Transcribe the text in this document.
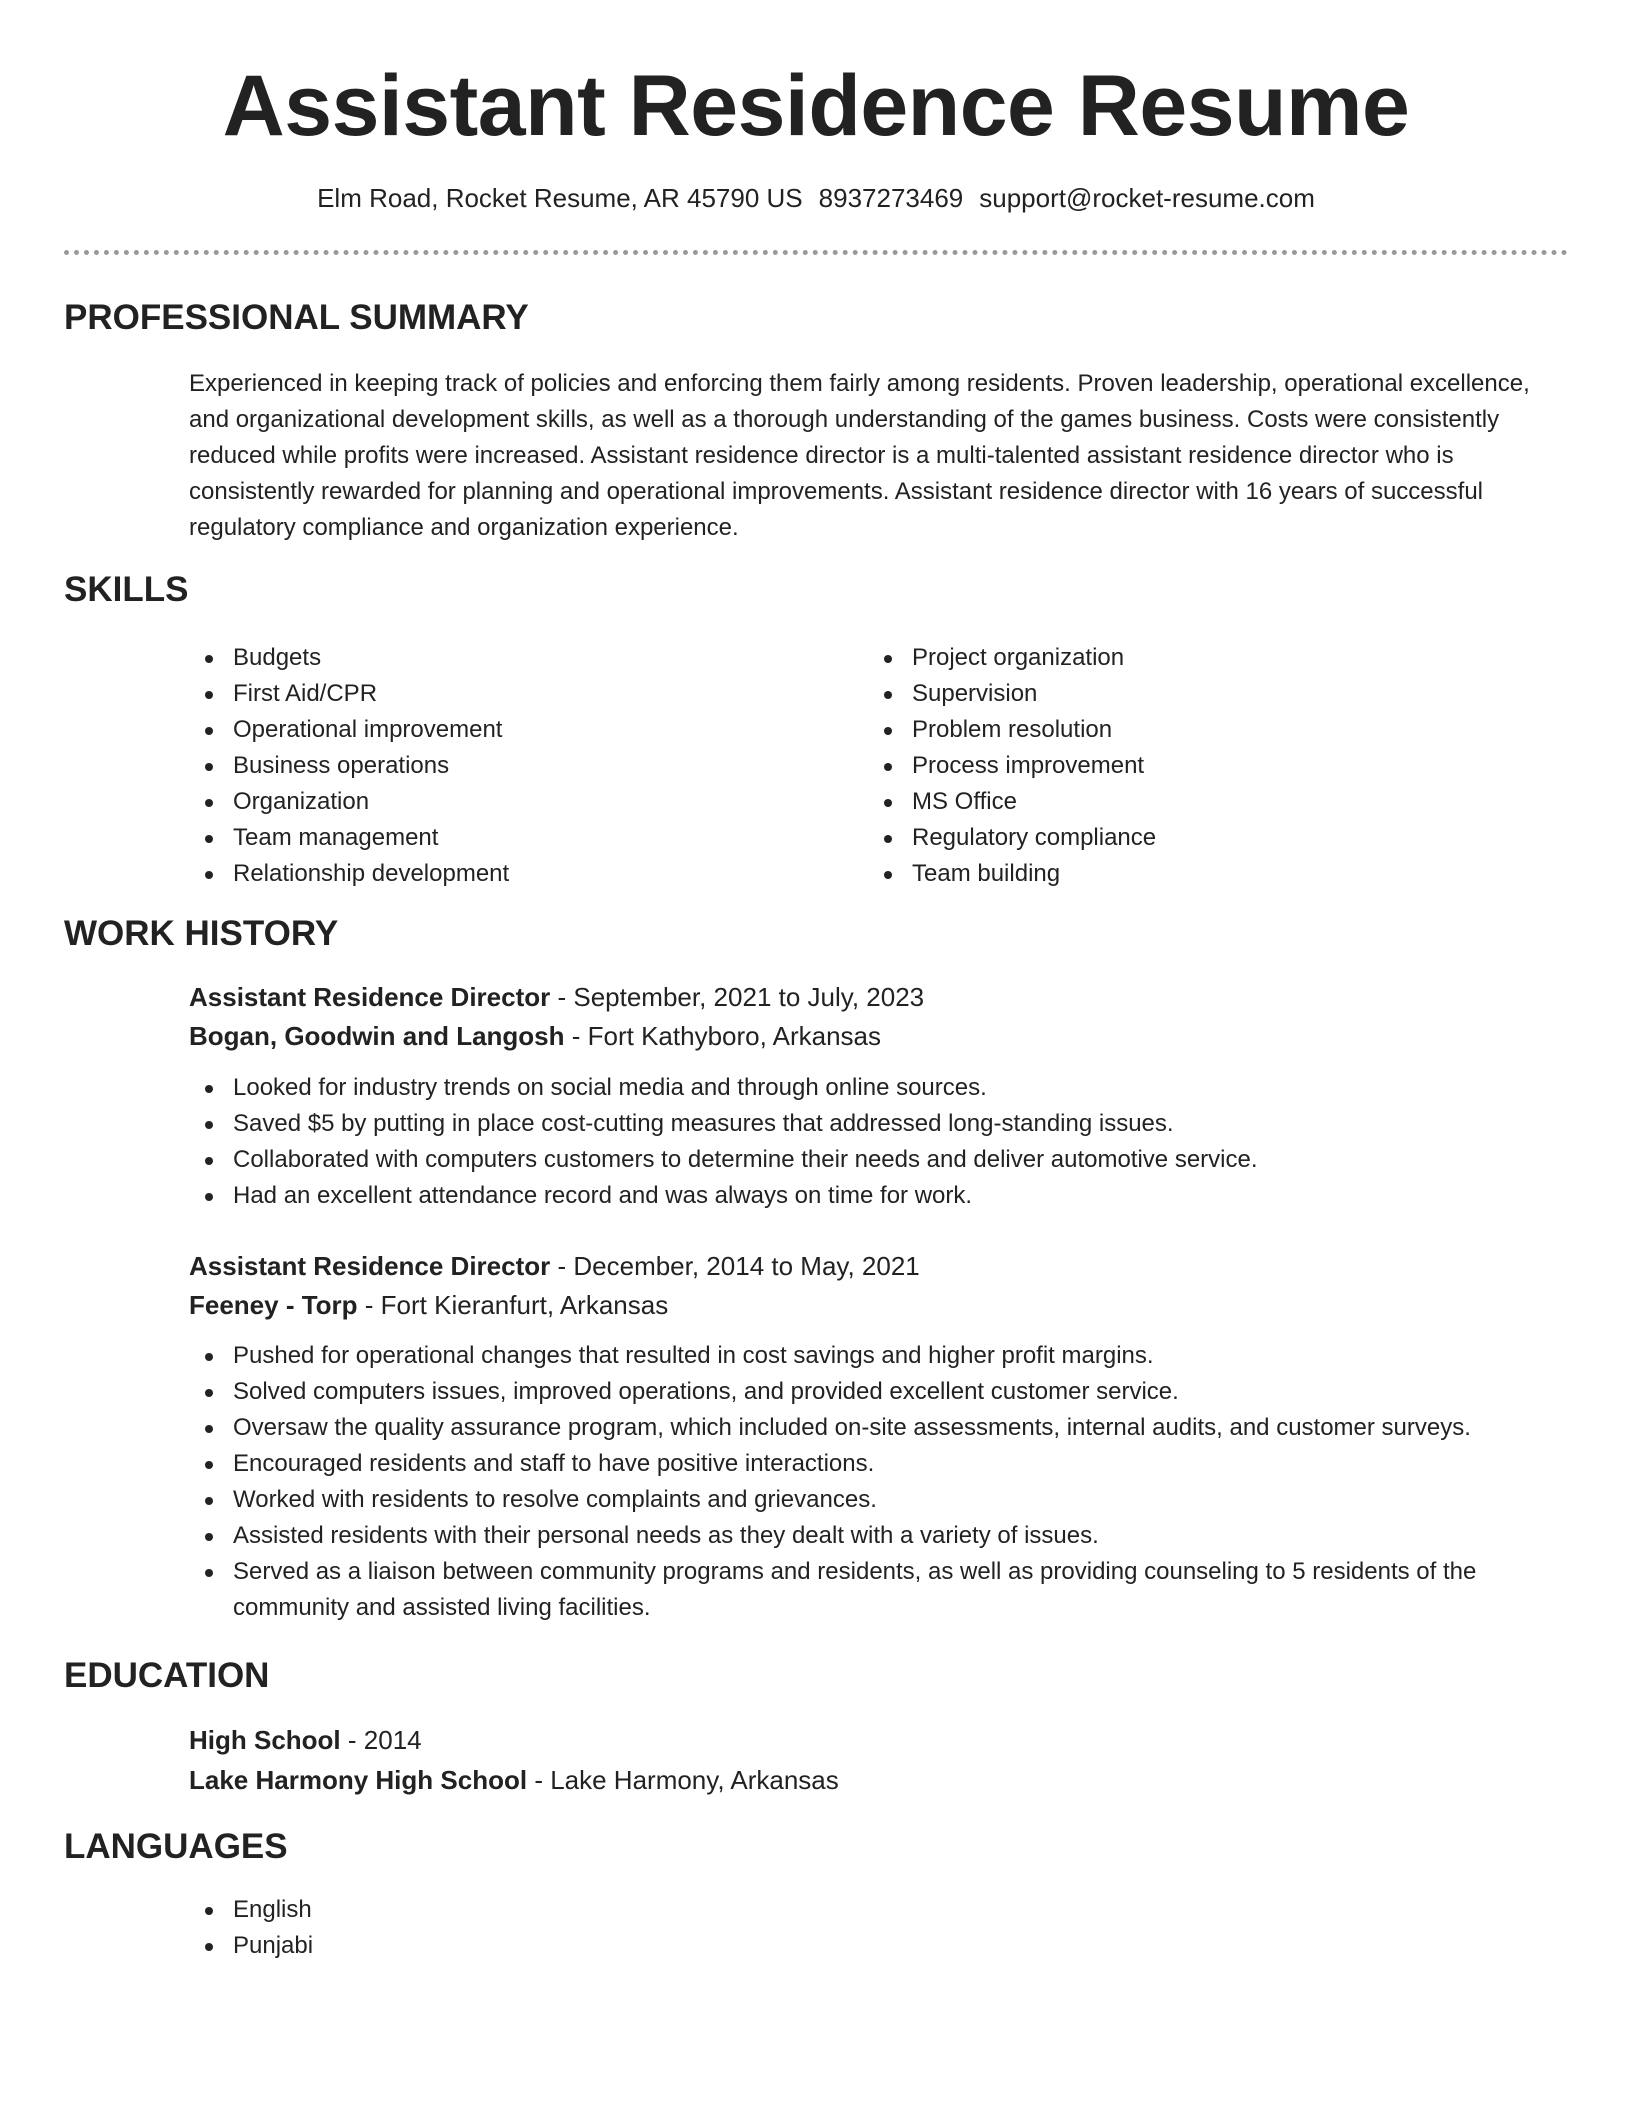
Assistant Residence Resume
Elm Road, Rocket Resume, AR 45790 US 8937273469 support@rocket-resume.com
PROFESSIONAL SUMMARY

Experienced in keeping track of policies and enforcing them fairly among residents. Proven leadership, operational excellence, and organizational development skills, as well as a thorough understanding of the games business. Costs were consistently reduced while profits were increased. Assistant residence director is a multi-talented assistant residence director who is consistently rewarded for planning and operational improvements. Assistant residence director with 16 years of successful regulatory compliance and organization experience.

SKILLS
Budgets
First Aid/CPR
Operational improvement
Business operations
Organization
Team management
Relationship development
Project organization
Supervision
Problem resolution
Process improvement
MS Office
Regulatory compliance
Team building
WORK HISTORY
Assistant Residence Director - September, 2021 to July, 2023
Bogan, Goodwin and Langosh - Fort Kathyboro, Arkansas
Looked for industry trends on social media and through online sources.
Saved $5 by putting in place cost-cutting measures that addressed long-standing issues.
Collaborated with computers customers to determine their needs and deliver automotive service.
Had an excellent attendance record and was always on time for work.
Assistant Residence Director - December, 2014 to May, 2021
Feeney - Torp - Fort Kieranfurt, Arkansas
Pushed for operational changes that resulted in cost savings and higher profit margins.
Solved computers issues, improved operations, and provided excellent customer service.
Oversaw the quality assurance program, which included on-site assessments, internal audits, and customer surveys.
Encouraged residents and staff to have positive interactions.
Worked with residents to resolve complaints and grievances.
Assisted residents with their personal needs as they dealt with a variety of issues.
Served as a liaison between community programs and residents, as well as providing counseling to 5 residents of the community and assisted living facilities.
EDUCATION
High School - 2014
Lake Harmony High School - Lake Harmony, Arkansas
LANGUAGES
English
Punjabi
